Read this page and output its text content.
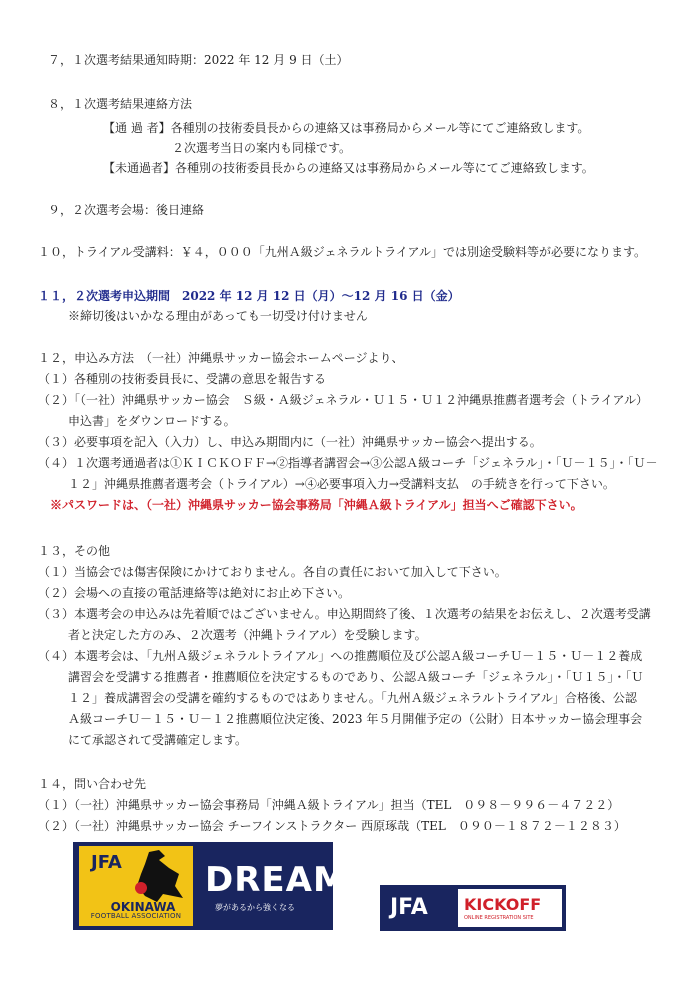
７，１次選考結果通知時期：2022 年 12 月 9 日（土）
８，１次選考結果連絡方法
【通 過 者】各種別の技術委員長からの連絡又は事務局からメール等にてご連絡致します。
２次選考当日の案内も同様です。
【未通過者】各種別の技術委員長からの連絡又は事務局からメール等にてご連絡致します。
９，２次選考会場：後日連絡
１０，トライアル受講料：￥４，０００「九州Ａ級ジェネラルトライアル」では別途受験料等が必要になります。
１１，２次選考申込期間　2022 年 12 月 12 日（月）～12 月 16 日（金）
※締切後はいかなる理由があっても一切受け付けません
１２，申込み方法　（一社）沖縄県サッカー協会ホームページより、
（１）各種別の技術委員長に、受講の意思を報告する
（２）「（一社）沖縄県サッカー協会　Ｓ級・Ａ級ジェネラル・Ｕ１５・Ｕ１２沖縄県推薦者選考会（トライアル）
申込書」をダウンロードする。
（３）必要事項を記入（入力）し、申込み期間内に（一社）沖縄県サッカー協会へ提出する。
（４）１次選考通過者は①ＫＩＣＫＯＦＦ→②指導者講習会→③公認Ａ級コーチ「ジェネラル」・「Ｕ－１５」・「Ｕ－
１２」沖縄県推薦者選考会（トライアル）→④必要事項入力→受講料支払　の手続きを行って下さい。
※パスワードは、（一社）沖縄県サッカー協会事務局「沖縄Ａ級トライアル」担当へご確認下さい。
１３，その他
（１）当協会では傷害保険にかけておりません。各自の責任において加入して下さい。
（２）会場への直接の電話連絡等は絶対にお止め下さい。
（３）本選考会の申込みは先着順ではございません。申込期間終了後、１次選考の結果をお伝えし、２次選考受講
者と決定した方のみ、２次選考（沖縄トライアル）を受験します。
（４）本選考会は、「九州Ａ級ジェネラルトライアル」への推薦順位及び公認Ａ級コーチＵ－１５・Ｕ－１２養成
講習会を受講する推薦者・推薦順位を決定するものであり、公認Ａ級コーチ「ジェネラル」・「Ｕ１５」・「Ｕ
１２」養成講習会の受講を確約するものではありません。「九州Ａ級ジェネラルトライアル」合格後、公認
Ａ級コーチＵ－１５・Ｕ－１２推薦順位決定後、2023 年５月開催予定の（公財）日本サッカー協会理事会
にて承認されて受講確定します。
１４，問い合わせ先
（１）（一社）沖縄県サッカー協会事務局「沖縄Ａ級トライアル」担当（TEL　０９８－９９６－４７２２）
（２）（一社）沖縄県サッカー協会 チーフインストラクター 西原琢哉（TEL　０９０－１８７２－１２８３）
JFA
OKINAWA
FOOTBALL ASSOCIATION
DREAM
夢があるから強くなる	JFA KICKOFF
ONLINE REGISTRATION SITE
